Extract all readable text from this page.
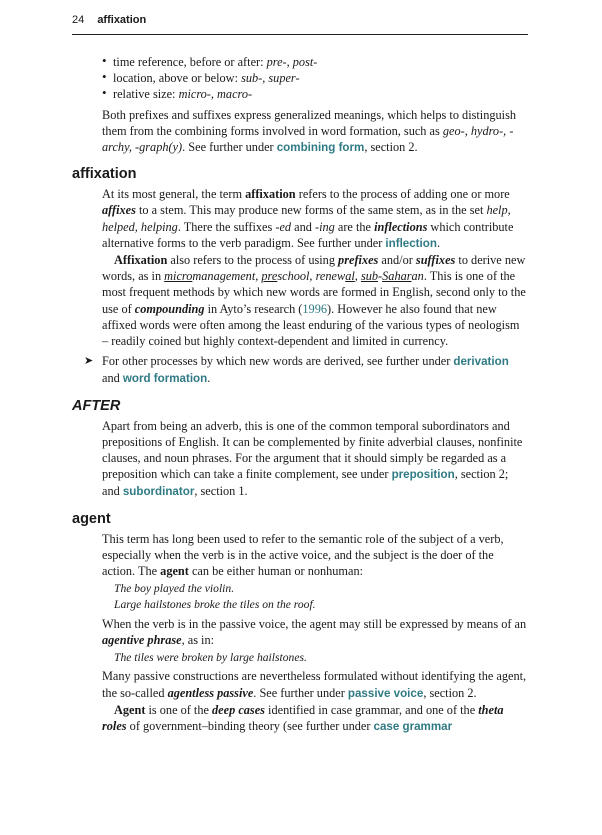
24 affixation
• time reference, before or after: pre-, post-
• location, above or below: sub-, super-
• relative size: micro-, macro-

Both prefixes and suffixes express generalized meanings, which helps to distinguish them from the combining forms involved in word formation, such as geo-, hydro-, -archy, -graph(y). See further under combining form, section 2.

affixation

At its most general, the term affixation refers to the process of adding one or more affixes to a stem. This may produce new forms of the same stem, as in the set help, helped, helping. There the suffixes -ed and -ing are the inflections which contribute alternative forms to the verb paradigm. See further under inflection.

Affixation also refers to the process of using prefixes and/or suffixes to derive new words, as in micromanagement, preschool, renewal, sub-Saharan. This is one of the most frequent methods by which new words are formed in English, second only to the use of compounding in Ayto’s research (1996). However he also found that new affixed words were often among the least enduring of the various types of neologism – readily coined but highly context-dependent and limited in currency.

➤ For other processes by which new words are derived, see further under derivation and word formation.

AFTER

Apart from being an adverb, this is one of the common temporal subordinators and prepositions of English. It can be complemented by finite adverbial clauses, nonfinite clauses, and noun phrases. For the argument that it should simply be regarded as a preposition which can take a finite complement, see under preposition, section 2; and subordinator, section 1.

agent

This term has long been used to refer to the semantic role of the subject of a verb, especially when the verb is in the active voice, and the subject is the doer of the action. The agent can be either human or nonhuman:

The boy played the violin.
Large hailstones broke the tiles on the roof.

When the verb is in the passive voice, the agent may still be expressed by means of an agentive phrase, as in:

The tiles were broken by large hailstones.

Many passive constructions are nevertheless formulated without identifying the agent, the so-called agentless passive. See further under passive voice, section 2.

Agent is one of the deep cases identified in case grammar, and one of the theta roles of government–binding theory (see further under case grammar
